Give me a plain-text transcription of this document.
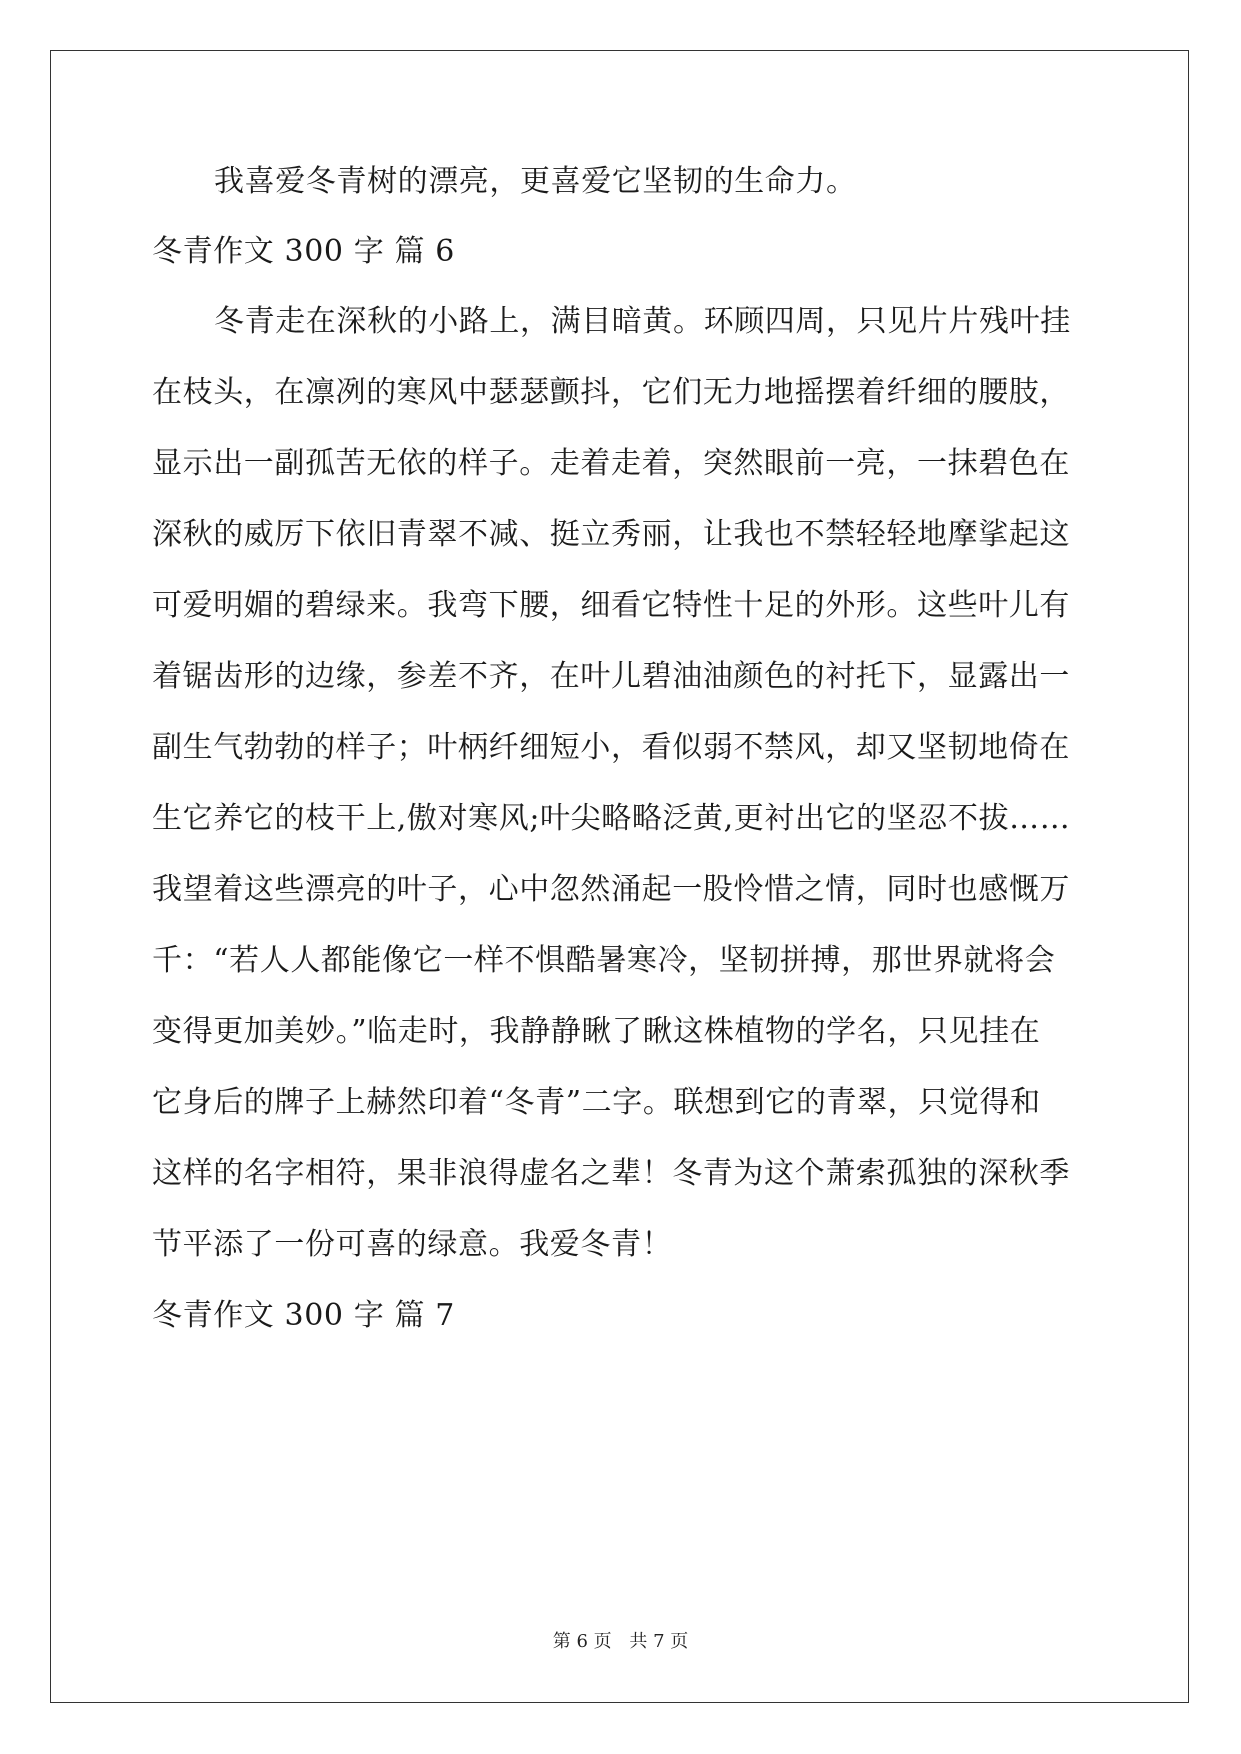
我喜爱冬青树的漂亮，更喜爱它坚韧的生命力。
冬青作文 300 字 篇 6
冬青走在深秋的小路上，满目暗黄。环顾四周，只见片片残叶挂
在枝头，在凛冽的寒风中瑟瑟颤抖，它们无力地摇摆着纤细的腰肢，
显示出一副孤苦无依的样子。走着走着，突然眼前一亮，一抹碧色在
深秋的威厉下依旧青翠不减、挺立秀丽，让我也不禁轻轻地摩挲起这
可爱明媚的碧绿来。我弯下腰，细看它特性十足的外形。这些叶儿有
着锯齿形的边缘，参差不齐，在叶儿碧油油颜色的衬托下，显露出一
副生气勃勃的样子；叶柄纤细短小，看似弱不禁风，却又坚韧地倚在
生它养它的枝干上,傲对寒风;叶尖略略泛黄,更衬出它的坚忍不拔……
我望着这些漂亮的叶子，心中忽然涌起一股怜惜之情，同时也感慨万
千：“若人人都能像它一样不惧酷暑寒冷，坚韧拼搏，那世界就将会
变得更加美妙。”临走时，我静静瞅了瞅这株植物的学名，只见挂在
它身后的牌子上赫然印着“冬青”二字。联想到它的青翠，只觉得和
这样的名字相符，果非浪得虚名之辈！冬青为这个萧索孤独的深秋季
节平添了一份可喜的绿意。我爱冬青！
冬青作文 300 字 篇 7
第 6 页 共 7 页
